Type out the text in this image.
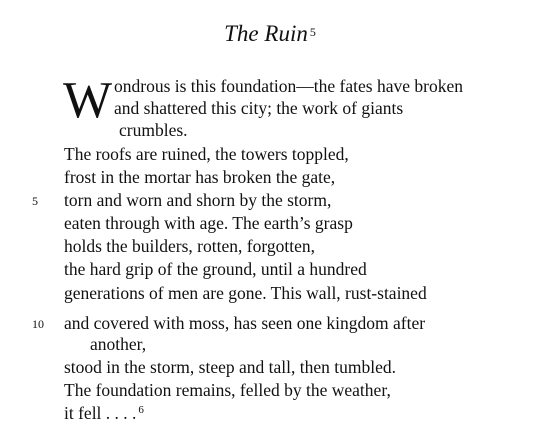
The Ruin $^5$
W ondrous is this foundation—the fates have broken
and shattered this city; the work of giants
crumbles.
The roofs are ruined, the towers toppled,
frost in the mortar has broken the gate,
5 torn and worn and shorn by the storm,
eaten through with age. The earth’s grasp
holds the builders, rotten, forgotten,
the hard grip of the ground, until a hundred
generations of men are gone. This wall, rust-stained
10 and covered with moss, has seen one kingdom after
another,
stood in the storm, steep and tall, then tumbled.
The foundation remains, felled by the weather,
it fell . . . . $^6$
